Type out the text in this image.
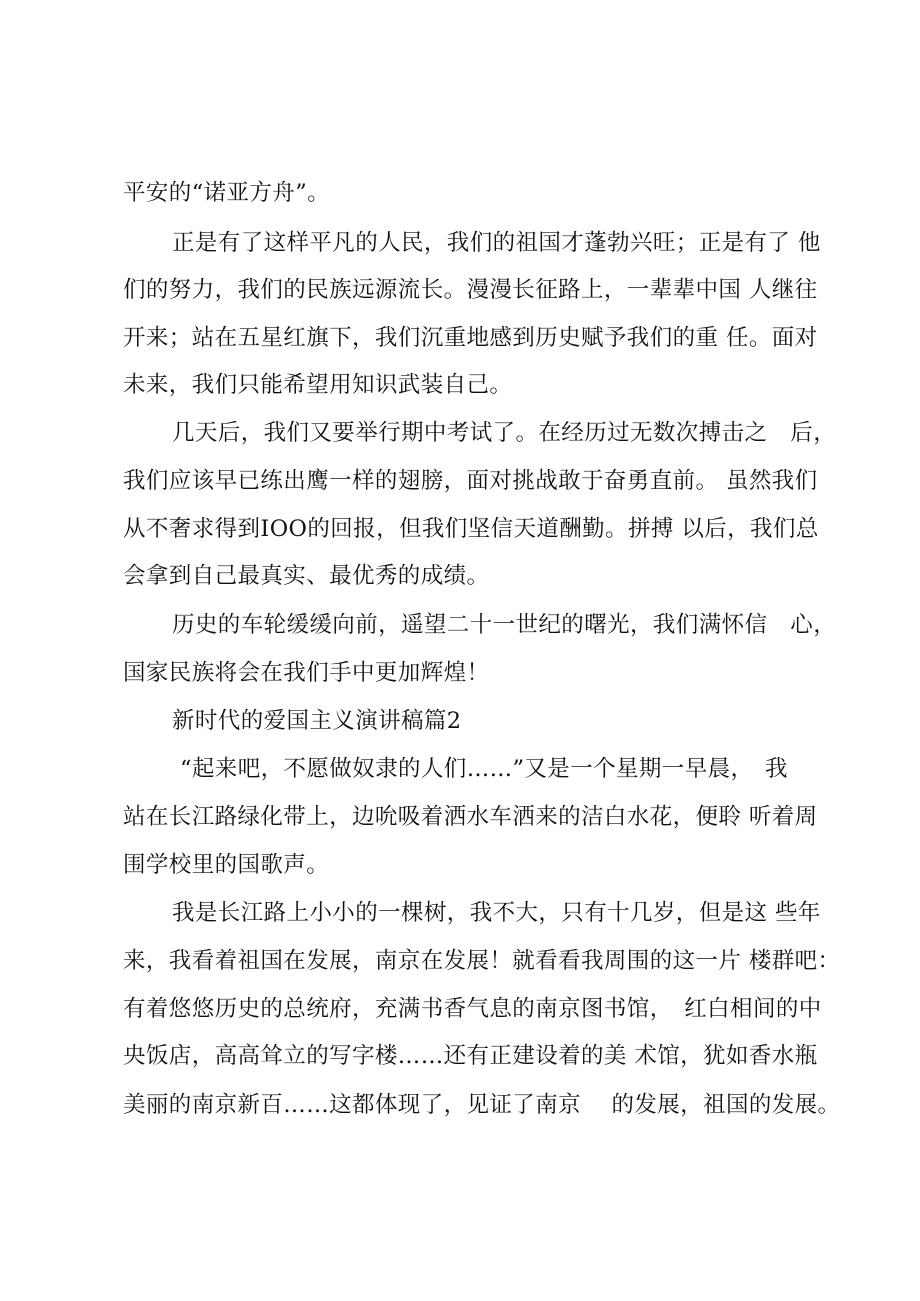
平安的“诺亚方舟”。
正是有了这样平凡的人民，我们的祖国才蓬勃兴旺；正是有了 他
们的努力，我们的民族远源流长。漫漫长征路上，一辈辈中国 人继往
开来；站在五星红旗下，我们沉重地感到历史赋予我们的重 任。面对
未来，我们只能希望用知识武装自己。
几天后，我们又要举行期中考试了。在经历过无数次搏击之　后，
我们应该早已练出鹰一样的翅膀，面对挑战敢于奋勇直前。 虽然我们
从不奢求得到IOO的回报，但我们坚信天道酬勤。拼搏 以后，我们总
会拿到自己最真实、最优秀的成绩。
历史的车轮缓缓向前，遥望二十一世纪的曙光，我们满怀信　心，
国家民族将会在我们手中更加辉煌！
新时代的爱国主义演讲稿篇2
“起来吧，不愿做奴隶的人们……”又是一个星期一早晨，　我
站在长江路绿化带上，边吮吸着洒水车洒来的洁白水花，便聆 听着周
围学校里的国歌声。
我是长江路上小小的一棵树，我不大，只有十几岁，但是这 些年
来，我看着祖国在发展，南京在发展！就看看我周围的这一片 楼群吧：
有着悠悠历史的总统府，充满书香气息的南京图书馆，　红白相间的中
央饭店，高高耸立的写字楼……还有正建设着的美 术馆，犹如香水瓶
美丽的南京新百……这都体现了，见证了南京　 的发展，祖国的发展。
